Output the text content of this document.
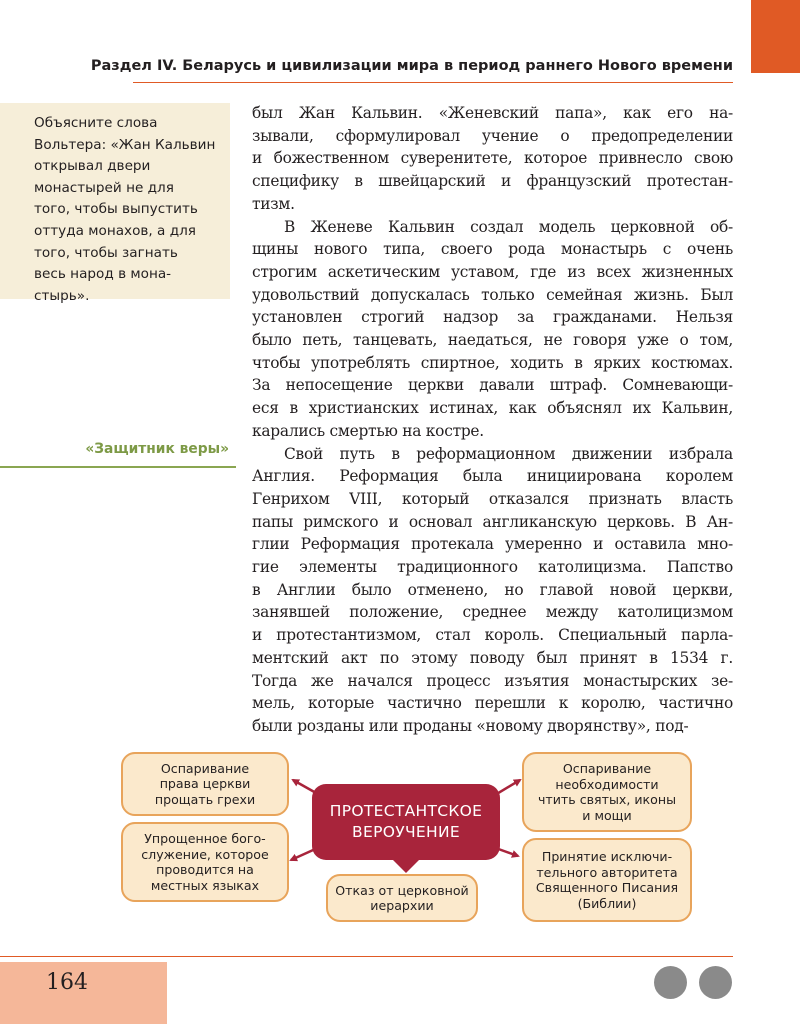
Раздел IV. Беларусь и цивилизации мира в период раннего Нового времени
Объясните слова
Вольтера: «Жан Кальвин
открывал двери
монастырей не для
того, чтобы выпустить
оттуда монахов, а для
того, чтобы загнать
весь народ в мона-
стырь».
«Защитник веры»
был Жан Кальвин. «Женевский папа», как его на-
зывали, сформулировал учение о предопределении
и божественном суверенитете, которое привнесло свою
специфику в швейцарский и французский протестан-
тизм.
В Женеве Кальвин создал модель церковной об-
щины нового типа, своего рода монастырь с очень
строгим аскетическим уставом, где из всех жизненных
удовольствий допускалась только семейная жизнь. Был
установлен строгий надзор за гражданами. Нельзя
было петь, танцевать, наедаться, не говоря уже о том,
чтобы употреблять спиртное, ходить в ярких костюмах.
За непосещение церкви давали штраф. Сомневающи-
еся в христианских истинах, как объяснял их Кальвин,
карались смертью на костре.
Свой путь в реформационном движении избрала
Англия. Реформация была инициирована королем
Генрихом VIII, который отказался признать власть
папы римского и основал англиканскую церковь. В Ан-
глии Реформация протекала умеренно и оставила мно-
гие элементы традиционного католицизма. Папство
в Англии было отменено, но главой новой церкви,
занявшей положение, среднее между католицизмом
и протестантизмом, стал король. Специальный парла-
ментский акт по этому поводу был принят в 1534 г.
Тогда же начался процесс изъятия монастырских зе-
мель, которые частично перешли к королю, частично
были розданы или проданы «новому дворянству», под-
Оспаривание
права церкви
прощать грехи
Упрощенное бого-
служение, которое
проводится на
местных языках	Отказ от церковной
иерархии
Оспаривание
необходимости
чтить святых, иконы
и мощи
Принятие исключи-
тельного авторитета
Священного Писания
(Библии)
ПРОТЕСТАНТСКОЕ
ВЕРОУЧЕНИЕ
164
